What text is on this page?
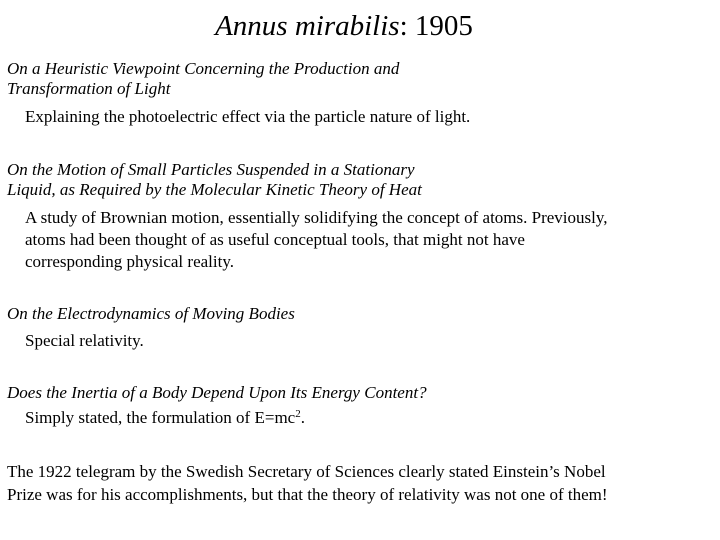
Annus mirabilis: 1905
On a Heuristic Viewpoint Concerning the Production and
Transformation of Light
Explaining the photoelectric effect via the particle nature of light.
On the Motion of Small Particles Suspended in a Stationary
Liquid, as Required by the Molecular Kinetic Theory of Heat
A study of Brownian motion, essentially solidifying the concept of atoms. Previously,
atoms had been thought of as useful conceptual tools, that might not have
corresponding physical reality.
On the Electrodynamics of Moving Bodies
Special relativity.
Does the Inertia of a Body Depend Upon Its Energy Content?
Simply stated, the formulation of $E=mc^2$.
The 1922 telegram by the Swedish Secretary of Sciences clearly stated Einstein’s Nobel
Prize was for his accomplishments, but that the theory of relativity was not one of them!
